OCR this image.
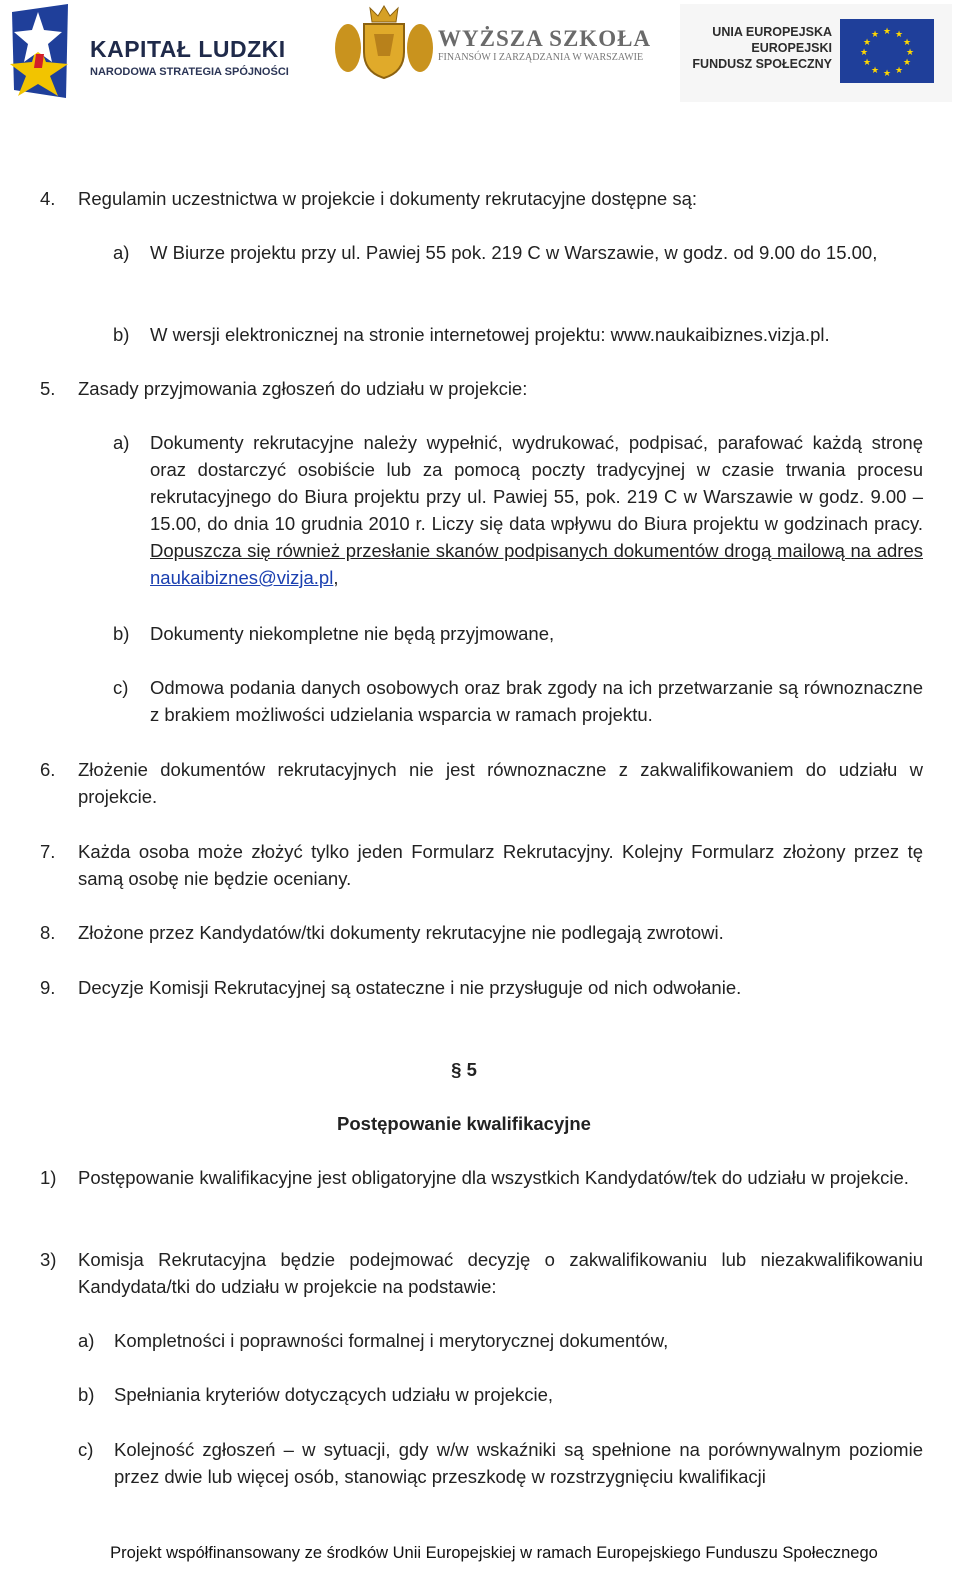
KAPITAŁ LUDZKI
NARODOWA STRATEGIA SPÓJNOŚCI
WYŻSZA SZKOŁA
FINANSÓW I ZARZĄDZANIA W WARSZAWIE
UNIA EUROPEJSKA
EUROPEJSKI
FUNDUSZ SPOŁECZNY
★ ★
★
★
★
★
★
★
★
★
★
★
4. Regulamin uczestnictwa w projekcie i dokumenty rekrutacyjne dostępne są:
a) W Biurze projektu przy ul. Pawiej 55 pok. 219 C w Warszawie, w godz. od 9.00 do 15.00,
b) W wersji elektronicznej na stronie internetowej projektu: www.naukaibiznes.vizja.pl.
5. Zasady przyjmowania zgłoszeń do udziału w projekcie:
a) Dokumenty rekrutacyjne należy wypełnić, wydrukować, podpisać, parafować każdą stronę oraz dostarczyć osobiście lub za pomocą poczty tradycyjnej w czasie trwania procesu rekrutacyjnego do Biura projektu przy ul. Pawiej 55, pok. 219 C w Warszawie w godz. 9.00 – 15.00, do dnia 10 grudnia 2010 r. Liczy się data wpływu do Biura projektu w godzinach pracy. Dopuszcza się również przesłanie skanów podpisanych dokumentów drogą mailową na adres naukaibiznes@vizja.pl,
b) Dokumenty niekompletne nie będą przyjmowane,
c) Odmowa podania danych osobowych oraz brak zgody na ich przetwarzanie są równoznaczne z brakiem możliwości udzielania wsparcia w ramach projektu.
6. Złożenie dokumentów rekrutacyjnych nie jest równoznaczne z zakwalifikowaniem do udziału w projekcie.
7. Każda osoba może złożyć tylko jeden Formularz Rekrutacyjny. Kolejny Formularz złożony przez tę samą osobę nie będzie oceniany.
8. Złożone przez Kandydatów/tki dokumenty rekrutacyjne nie podlegają zwrotowi.
9. Decyzje Komisji Rekrutacyjnej są ostateczne i nie przysługuje od nich odwołanie.
§ 5
Postępowanie kwalifikacyjne
1) Postępowanie kwalifikacyjne jest obligatoryjne dla wszystkich Kandydatów/tek do udziału w projekcie.
3) Komisja Rekrutacyjna będzie podejmować decyzję o zakwalifikowaniu lub niezakwalifikowaniu Kandydata/tki do udziału w projekcie na podstawie:
a) Kompletności i poprawności formalnej i merytorycznej dokumentów,
b) Spełniania kryteriów dotyczących udziału w projekcie,
c) Kolejność zgłoszeń – w sytuacji, gdy w/w wskaźniki są spełnione na porównywalnym poziomie przez dwie lub więcej osób, stanowiąc przeszkodę w rozstrzygnięciu kwalifikacji
Projekt współfinansowany ze środków Unii Europejskiej w ramach Europejskiego Funduszu Społecznego
